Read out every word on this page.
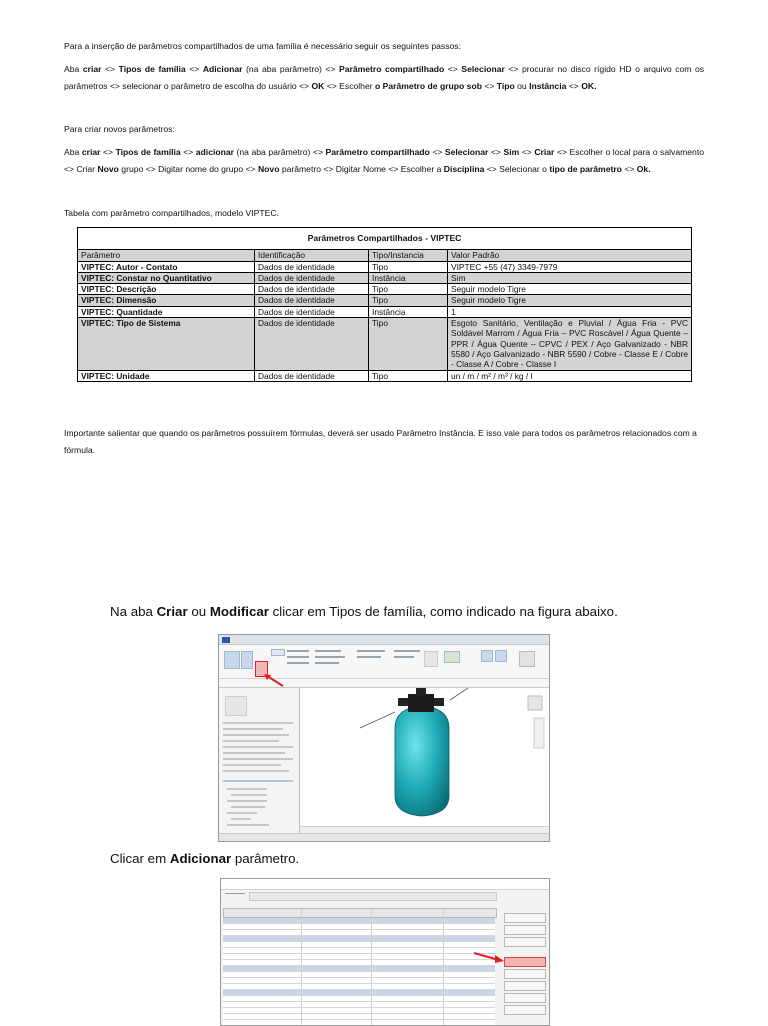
Para a inserção de parâmetros compartilhados de uma família é necessário seguir os seguintes passos:

Aba criar <> Tipos de família <> Adicionar (na aba parâmetro) <> Parâmetro compartilhado <> Selecionar <> procurar no disco rígido HD o arquivo com os parâmetros <> selecionar o parâmetro de escolha do usuário <> OK <> Escolher o Parâmetro de grupo sob <> Tipo ou Instância <> OK.

Para criar novos parâmetros:

Aba criar <> Tipos de família <> adicionar (na aba parâmetro) <> Parâmetro compartilhado <> Selecionar <> Sim <> Criar <> Escolher o local para o salvamento <> Criar Novo grupo <> Digitar nome do grupo <> Novo parâmetro <> Digitar Nome <> Escolher a Disciplina <> Selecionar o tipo de parâmetro <> Ok.

Tabela com parâmetro compartilhados, modelo VIPTEC.

Parâmetros Compartilhados - VIPTEC			
Parâmetro	Identificação	Tipo/Instancia	Valor Padrão
VIPTEC: Autor - Contato	Dados de identidade	Tipo	VIPTEC +55 (47) 3349-7979
VIPTEC: Constar no Quantitativo	Dados de identidade	Instância	Sim
VIPTEC: Descrição	Dados de identidade	Tipo	Seguir modelo Tigre
VIPTEC: Dimensão	Dados de identidade	Tipo	Seguir modelo Tigre
VIPTEC: Quantidade	Dados de identidade	Instância	1
VIPTEC: Tipo de Sistema	Dados de identidade	Tipo	Esgoto Sanitário, Ventilação e Pluvial / Água Fria - PVC Soldável Marrom / Água Fria – PVC Roscável / Água Quente – PPR / Água Quente – CPVC / PEX / Aço Galvanizado - NBR 5580 / Aço Galvanizado - NBR 5590 / Cobre - Classe E / Cobre - Classe A / Cobre - Classe I
VIPTEC: Unidade	Dados de identidade	Tipo	un / m / m² / m³ / kg / l

Importante salientar que quando os parâmetros possuírem fórmulas, deverá ser usado Parâmetro Instância. E isso vale para todos os parâmetros relacionados com a fórmula.

Na aba Criar ou Modificar clicar em Tipos de família, como indicado na figura abaixo.

Clicar em Adicionar parâmetro.
